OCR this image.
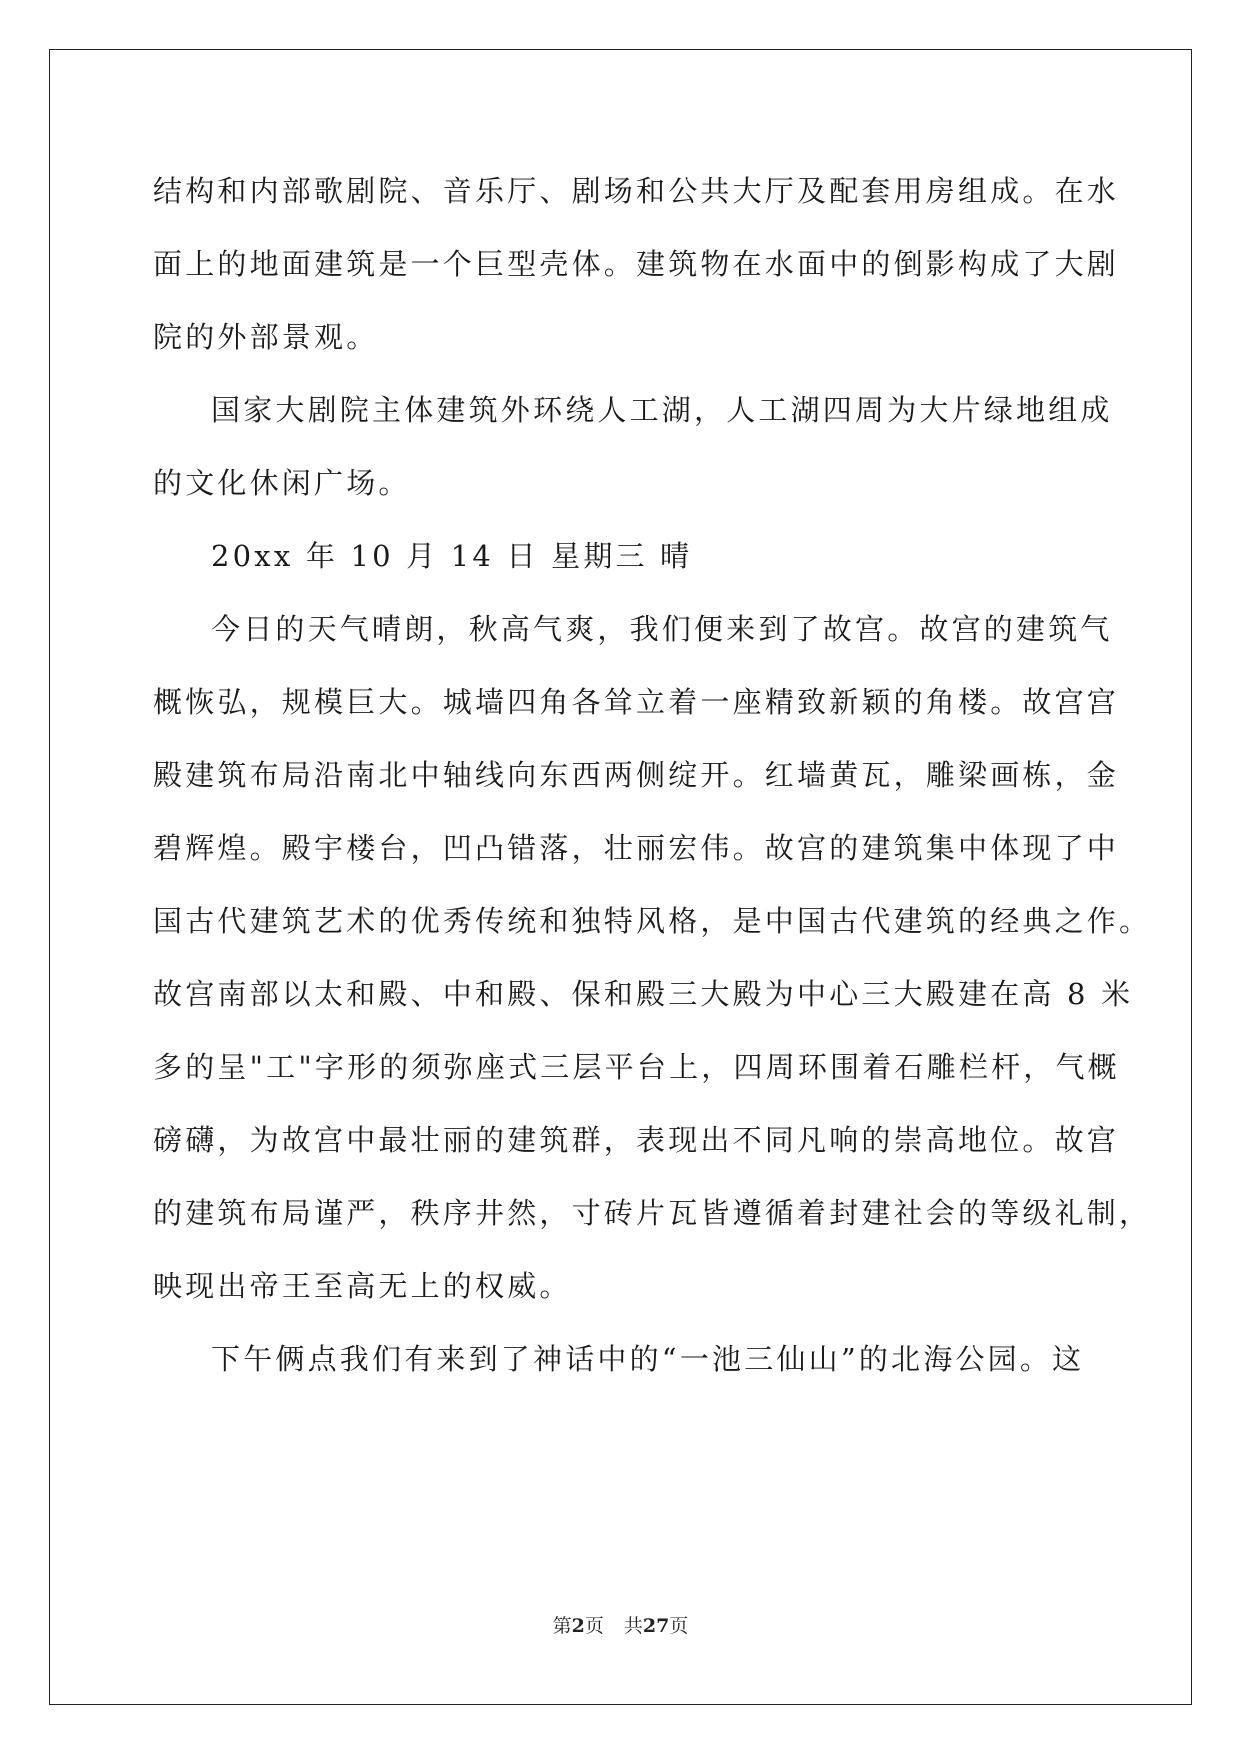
结构和内部歌剧院、音乐厅、剧场和公共大厅及配套用房组成。在水
面上的地面建筑是一个巨型壳体。建筑物在水面中的倒影构成了大剧
院的外部景观。
国家大剧院主体建筑外环绕人工湖，人工湖四周为大片绿地组成
的文化休闲广场。
20xx 年 10 月 14 日 星期三 晴
今日的天气晴朗，秋高气爽，我们便来到了故宫。故宫的建筑气
概恢弘，规模巨大。城墙四角各耸立着一座精致新颖的角楼。故宫宫
殿建筑布局沿南北中轴线向东西两侧绽开。红墙黄瓦，雕梁画栋，金
碧辉煌。殿宇楼台，凹凸错落，壮丽宏伟。故宫的建筑集中体现了中
国古代建筑艺术的优秀传统和独特风格，是中国古代建筑的经典之作。
故宫南部以太和殿、中和殿、保和殿三大殿为中心三大殿建在高 8 米
多的呈"工"字形的须弥座式三层平台上，四周环围着石雕栏杆，气概
磅礴，为故宫中最壮丽的建筑群，表现出不同凡响的崇高地位。故宫
的建筑布局谨严，秩序井然，寸砖片瓦皆遵循着封建社会的等级礼制，
映现出帝王至高无上的权威。
下午俩点我们有来到了神话中的“一池三仙山”的北海公园。这
第2页 共27页
